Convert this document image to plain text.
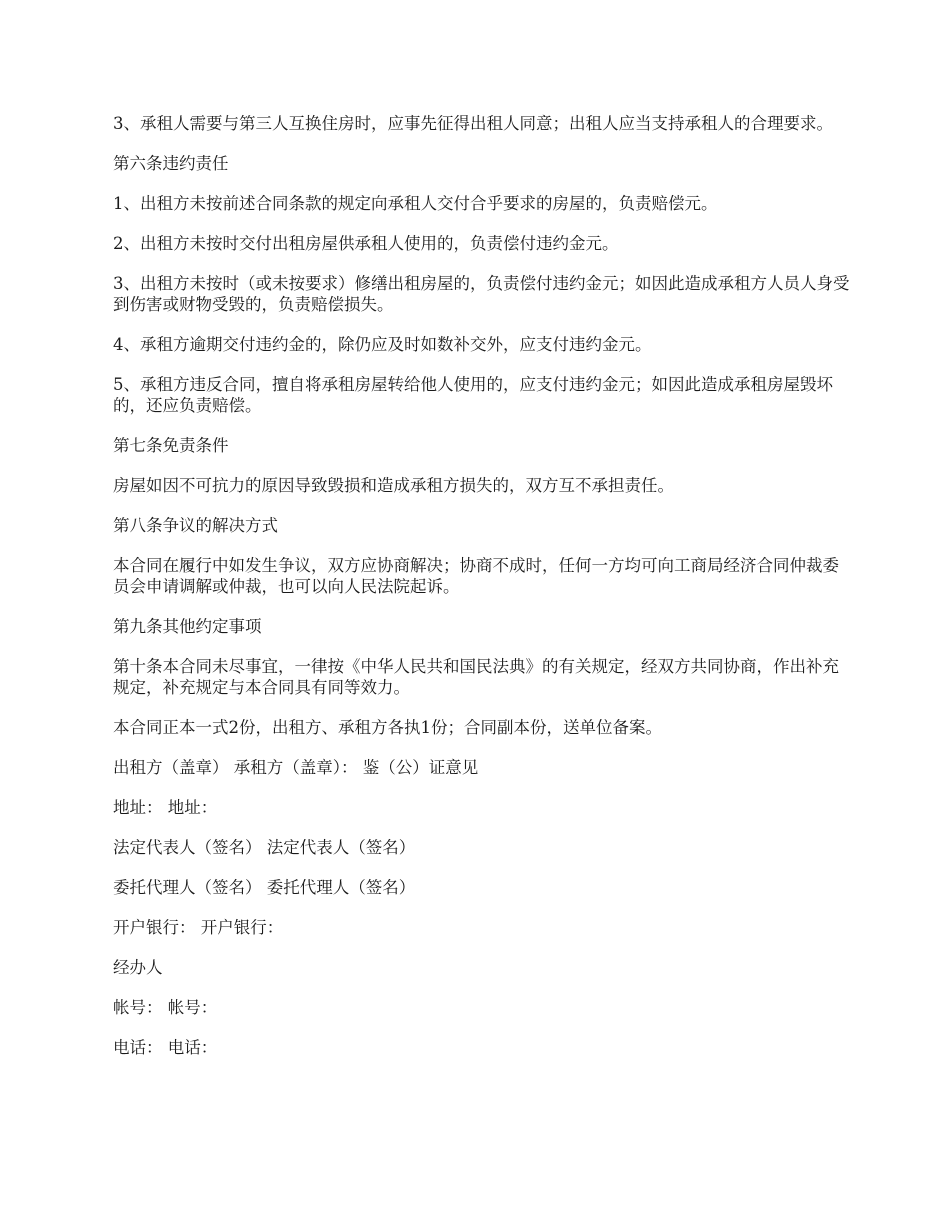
3、承租人需要与第三人互换住房时，应事先征得出租人同意；出租人应当支持承租人的合理要求。

第六条违约责任

1、出租方未按前述合同条款的规定向承租人交付合乎要求的房屋的，负责赔偿元。

2、出租方未按时交付出租房屋供承租人使用的，负责偿付违约金元。

3、出租方未按时（或未按要求）修缮出租房屋的，负责偿付违约金元；如因此造成承租方人员人身受到伤害或财物受毁的，负责赔偿损失。

4、承租方逾期交付违约金的，除仍应及时如数补交外，应支付违约金元。

5、承租方违反合同，擅自将承租房屋转给他人使用的，应支付违约金元；如因此造成承租房屋毁坏的，还应负责赔偿。

第七条免责条件

房屋如因不可抗力的原因导致毁损和造成承租方损失的，双方互不承担责任。

第八条争议的解决方式

本合同在履行中如发生争议，双方应协商解决；协商不成时，任何一方均可向工商局经济合同仲裁委员会申请调解或仲裁，也可以向人民法院起诉。

第九条其他约定事项

第十条本合同未尽事宜，一律按《中华人民共和国民法典》的有关规定，经双方共同协商，作出补充规定，补充规定与本合同具有同等效力。

本合同正本一式2份，出租方、承租方各执1份；合同副本份，送单位备案。

出租方（盖章） 承租方（盖章）： 鉴（公）证意见

地址： 地址：

法定代表人（签名） 法定代表人（签名）

委托代理人（签名） 委托代理人（签名）

开户银行： 开户银行：

经办人

帐号： 帐号：

电话： 电话：
